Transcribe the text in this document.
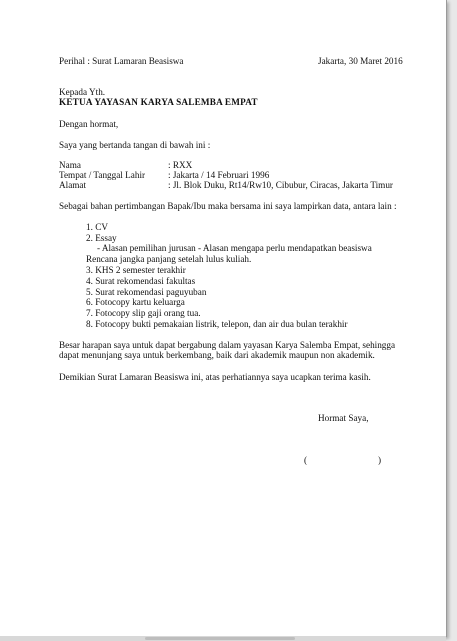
Perihal : Surat Lamaran Beasiswa	Jakarta, 30 Maret 2016
Kepada Yth.
KETUA YAYASAN KARYA SALEMBA EMPAT
Dengan hormat,
Saya yang bertanda tangan di bawah ini :
Nama	: RXX
Tempat / Tanggal Lahir : Jakarta / 14 Februari 1996
Alamat	: Jl. Blok Duku, Rt14/Rw10, Cibubur, Ciracas, Jakarta Timur
Sebagai bahan pertimbangan Bapak/Ibu maka bersama ini saya lampirkan data, antara lain :
1. CV
2. Essay
- Alasan pemilihan jurusan - Alasan mengapa perlu mendapatkan beasiswa
Rencana jangka panjang setelah lulus kuliah.
3. KHS 2 semester terakhir
4. Surat rekomendasi fakultas
5. Surat rekomendasi paguyuban
6. Fotocopy kartu keluarga
7. Fotocopy slip gaji orang tua.
8. Fotocopy bukti pemakaian listrik, telepon, dan air dua bulan terakhir
Besar harapan saya untuk dapat bergabung dalam yayasan Karya Salemba Empat, sehingga
dapat menunjang saya untuk berkembang, baik dari akademik maupun non akademik.
Demikian Surat Lamaran Beasiswa ini, atas perhatiannya saya ucapkan terima kasih.
Hormat Saya,
(	)
